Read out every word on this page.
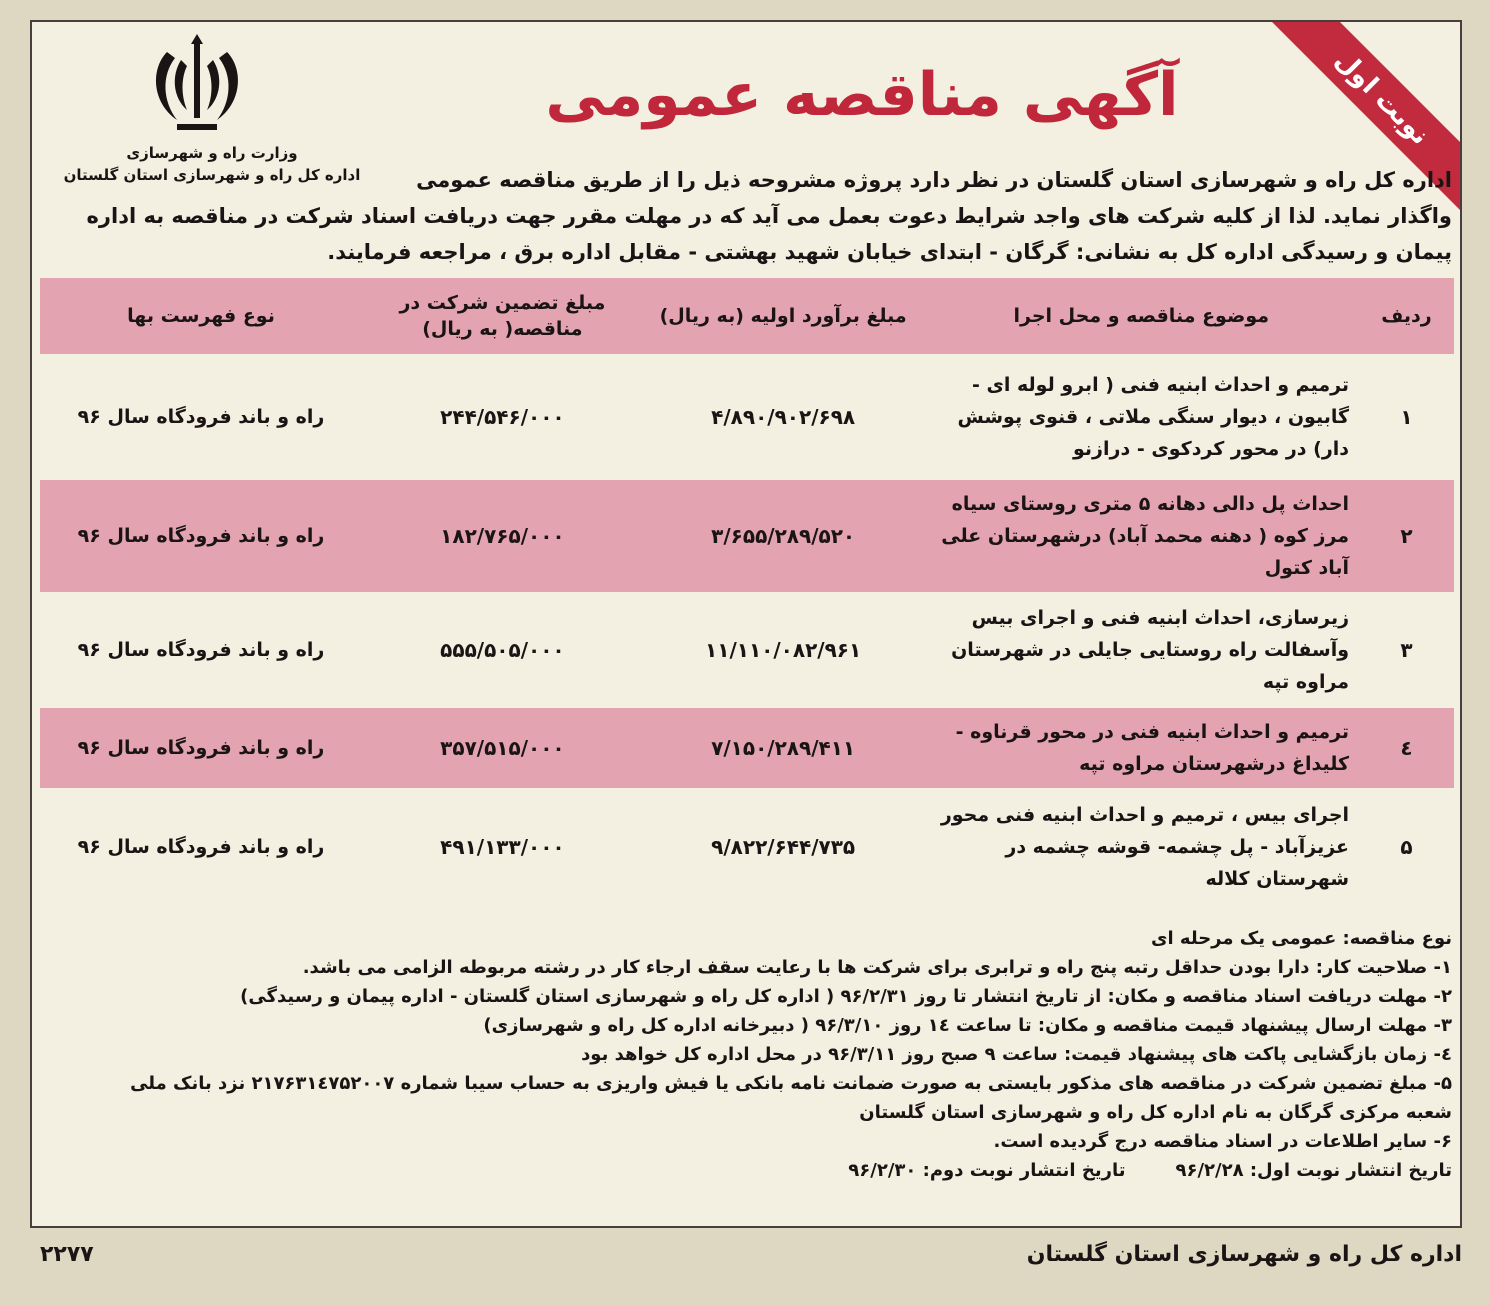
نوبت اول
وزارت راه و شهرسازی
اداره کل راه و شهرسازی استان گلستان
آگهی مناقصه عمومی

اداره کل راه و شهرسازی استان گلستان در نظر دارد پروژه مشروحه ذیل را از طریق مناقصه عمومی

واگذار نماید. لذا از کلیه شرکت های واجد شرایط دعوت بعمل می آید که در مهلت مقرر جهت دریافت اسناد شرکت در مناقصه به اداره

پیمان و رسیدگی اداره کل به نشانی: گرگان - ابتدای خیابان شهید بهشتی - مقابل اداره برق ، مراجعه فرمایند.

ردیف	موضوع مناقصه و محل اجرا	مبلغ برآورد اولیه (به ریال)	مبلغ تضمین شرکت در مناقصه( به ریال)	نوع فهرست بها
۱	ترمیم و احداث ابنیه فنی ( ابرو لوله ای - گابیون ، دیوار سنگی ملاتی ، قنوی پوشش دار) در محور کردکوی - درازنو	۴/۸۹۰/۹۰۲/۶۹۸	۲۴۴/۵۴۶/۰۰۰	راه و باند فرودگاه سال ۹۶
۲	احداث پل دالی دهانه ۵ متری روستای سیاه مرز کوه ( دهنه محمد آباد) درشهرستان علی آباد کتول	۳/۶۵۵/۲۸۹/۵۲۰	۱۸۲/۷۶۵/۰۰۰	راه و باند فرودگاه سال ۹۶
۳	زیرسازی، احداث ابنیه فنی و اجرای بیس وآسفالت راه روستایی جایلی در شهرستان مراوه تپه	۱۱/۱۱۰/۰۸۲/۹۶۱	۵۵۵/۵۰۵/۰۰۰	راه و باند فرودگاه سال ۹۶
٤	ترمیم و احداث ابنیه فنی در محور قرناوه - کلیداغ درشهرستان مراوه تپه	۷/۱۵۰/۲۸۹/۴۱۱	۳۵۷/۵۱۵/۰۰۰	راه و باند فرودگاه سال ۹۶
۵	اجرای بیس ، ترمیم و احداث ابنیه فنی محور عزیزآباد - پل چشمه- قوشه چشمه در شهرستان کلاله	۹/۸۲۲/۶۴۴/۷۳۵	۴۹۱/۱۳۳/۰۰۰	راه و باند فرودگاه سال ۹۶

نوع مناقصه: عمومی یک مرحله ای

۱- صلاحیت کار: دارا بودن حداقل رتبه پنج راه و ترابری برای شرکت ها با رعایت سقف ارجاء کار در رشته مربوطه الزامی می باشد.

۲- مهلت دریافت اسناد مناقصه و مکان: از تاریخ انتشار تا روز ۹۶/۲/۳۱ ( اداره کل راه و شهرسازی استان گلستان - اداره پیمان و رسیدگی)

۳- مهلت ارسال پیشنهاد قیمت مناقصه و مکان: تا ساعت ١٤ روز ۹۶/۳/۱۰ ( دبیرخانه اداره کل راه و شهرسازی)

٤- زمان بازگشایی پاکت های پیشنهاد قیمت: ساعت ۹ صبح روز ۹۶/۳/۱۱ در محل اداره کل خواهد بود

۵- مبلغ تضمین شرکت در مناقصه های مذکور بایستی به صورت ضمانت نامه بانکی یا فیش واریزی به حساب سیبا شماره ۲۱۷۶۳۱٤۷۵۲۰۰۷ نزد بانک ملی

شعبه مرکزی گرگان به نام اداره کل راه و شهرسازی استان گلستان

۶- سایر اطلاعات در اسناد مناقصه درج گردیده است.

تاریخ انتشار نوبت اول: ۹۶/۲/۲۸
تاریخ انتشار نوبت دوم: ۹۶/۲/۳۰
۲۲۷۷	اداره کل راه و شهرسازی استان گلستان
